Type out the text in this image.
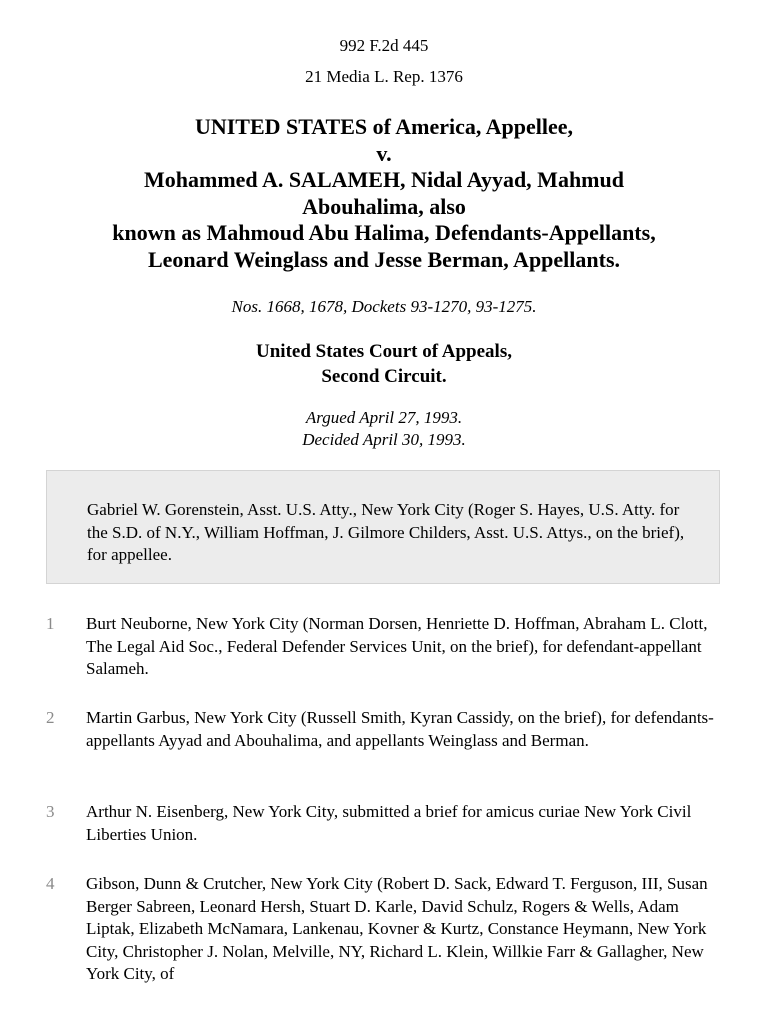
992 F.2d 445
21 Media L. Rep. 1376
UNITED STATES of America, Appellee,
v.
Mohammed A. SALAMEH, Nidal Ayyad, Mahmud
Abouhalima, also
known as Mahmoud Abu Halima, Defendants-Appellants,
Leonard Weinglass and Jesse Berman, Appellants.
Nos. 1668, 1678, Dockets 93-1270, 93-1275.
United States Court of Appeals,
Second Circuit.
Argued April 27, 1993.
Decided April 30, 1993.

Gabriel W. Gorenstein, Asst. U.S. Atty., New York City (Roger S. Hayes, U.S. Atty. for the S.D. of N.Y., William Hoffman, J. Gilmore Childers, Asst. U.S. Attys., on the brief), for appellee.

1 Burt Neuborne, New York City (Norman Dorsen, Henriette D. Hoffman, Abraham L. Clott, The Legal Aid Soc., Federal Defender Services Unit, on the brief), for defendant-appellant Salameh.

2 Martin Garbus, New York City (Russell Smith, Kyran Cassidy, on the brief), for defendants-appellants Ayyad and Abouhalima, and appellants Weinglass and Berman.

3 Arthur N. Eisenberg, New York City, submitted a brief for amicus curiae New York Civil Liberties Union.

4 Gibson, Dunn & Crutcher, New York City (Robert D. Sack, Edward T. Ferguson, III, Susan Berger Sabreen, Leonard Hersh, Stuart D. Karle, David Schulz, Rogers & Wells, Adam Liptak, Elizabeth McNamara, Lankenau, Kovner & Kurtz, Constance Heymann, New York City, Christopher J. Nolan, Melville, NY, Richard L. Klein, Willkie Farr & Gallagher, New York City, of
